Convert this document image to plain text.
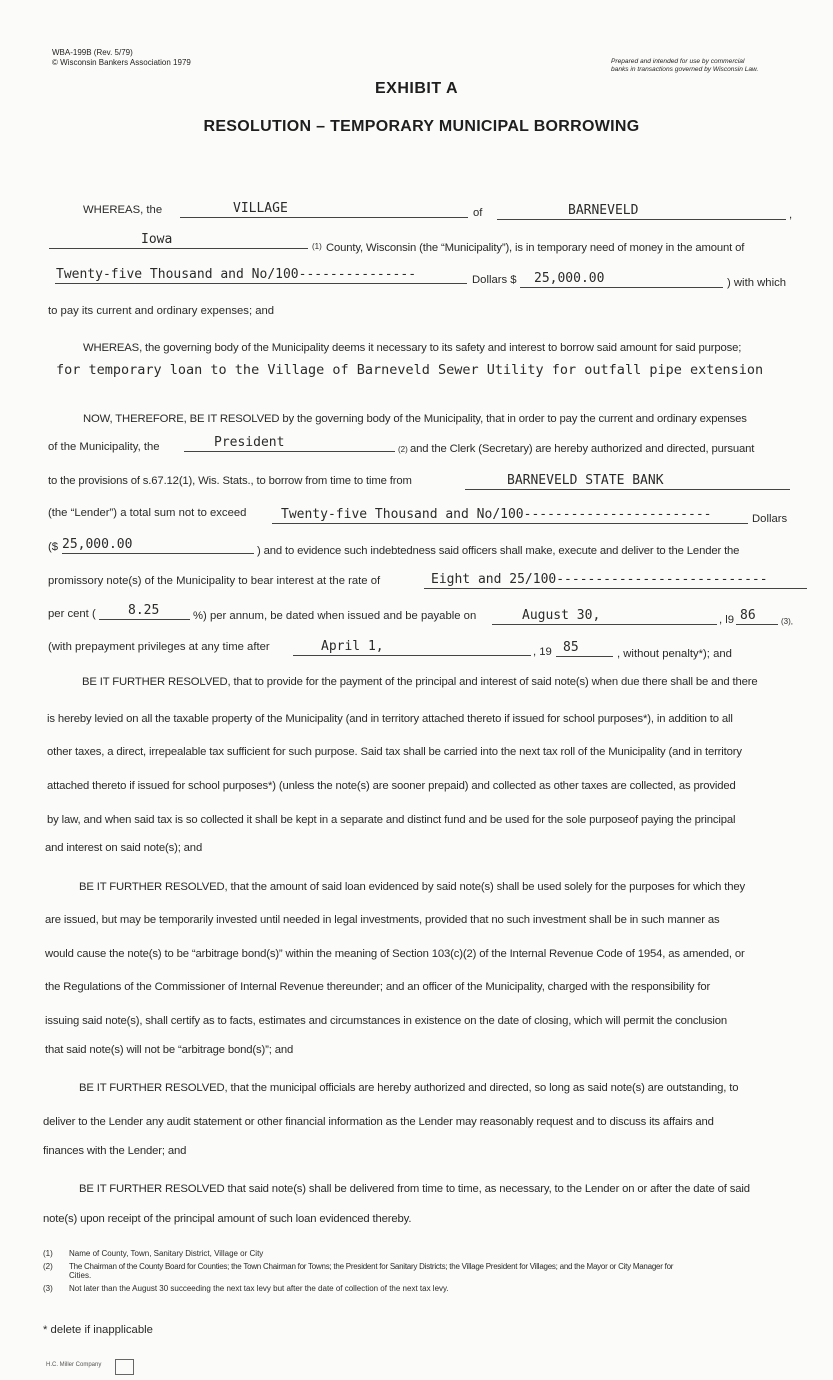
WBA-199B (Rev. 5/79)
© Wisconsin Bankers Association 1979	Prepared and intended for use by commercial
banks in transactions governed by Wisconsin Law.
EXHIBIT A
RESOLUTION – TEMPORARY MUNICIPAL BORROWING
WHEREAS, the	VILLAGE	of	BARNEVELD	,
Iowa	(1) County, Wisconsin (the “Municipality”), is in temporary need of money in the amount of
Twenty-five Thousand and No/100---------------	Dollars $ 25,000.00	) with which
to pay its current and ordinary expenses; and
WHEREAS, the governing body of the Municipality deems it necessary to its safety and interest to borrow said amount for said purpose;
for temporary loan to the Village of Barneveld Sewer Utility for outfall pipe extension
NOW, THEREFORE, BE IT RESOLVED by the governing body of the Municipality, that in order to pay the current and ordinary expenses
of the Municipality, the	President	(2) and the Clerk (Secretary) are hereby authorized and directed, pursuant
to the provisions of s.67.12(1), Wis. Stats., to borrow from time to time from	BARNEVELD STATE BANK
(the “Lender”) a total sum not to exceed	Twenty-five Thousand and No/100------------------------	Dollars
($ 25,000.00	) and to evidence such indebtedness said officers shall make, execute and deliver to the Lender the
promissory note(s) of the Municipality to bear interest at the rate of	Eight and 25/100---------------------------
per cent ( 8.25	%) per annum, be dated when issued and be payable on	August 30,	, l9 86	(3),
(with prepayment privileges at any time after	April 1,	, 19 85	, without penalty*); and
BE IT FURTHER RESOLVED, that to provide for the payment of the principal and interest of said note(s) when due there shall be and there
is hereby levied on all the taxable property of the Municipality (and in territory attached thereto if issued for school purposes*), in addition to all
other taxes, a direct, irrepealable tax sufficient for such purpose. Said tax shall be carried into the next tax roll of the Municipality (and in territory
attached thereto if issued for school purposes*) (unless the note(s) are sooner prepaid) and collected as other taxes are collected, as provided
by law, and when said tax is so collected it shall be kept in a separate and distinct fund and be used for the sole purposeof paying the principal
and interest on said note(s); and
BE IT FURTHER RESOLVED, that the amount of said loan evidenced by said note(s) shall be used solely for the purposes for which they
are issued, but may be temporarily invested until needed in legal investments, provided that no such investment shall be in such manner as
would cause the note(s) to be “arbitrage bond(s)” within the meaning of Section 103(c)(2) of the Internal Revenue Code of 1954, as amended, or
the Regulations of the Commissioner of Internal Revenue thereunder; and an officer of the Municipality, charged with the responsibility for
issuing said note(s), shall certify as to facts, estimates and circumstances in existence on the date of closing, which will permit the conclusion
that said note(s) will not be “arbitrage bond(s)”; and
BE IT FURTHER RESOLVED, that the municipal officials are hereby authorized and directed, so long as said note(s) are outstanding, to
deliver to the Lender any audit statement or other financial information as the Lender may reasonably request and to discuss its affairs and
finances with the Lender; and
BE IT FURTHER RESOLVED that said note(s) shall be delivered from time to time, as necessary, to the Lender on or after the date of said
note(s) upon receipt of the principal amount of such loan evidenced thereby.
(1) Name of County, Town, Sanitary District, Village or City
(2) The Chairman of the County Board for Counties; the Town Chairman for Towns; the President for Sanitary Districts; the Village President for Villages; and the Mayor or City Manager for
Cities.
(3) Not later than the August 30 succeeding the next tax levy but after the date of collection of the next tax levy.
* delete if inapplicable
H.C. Miller Company
